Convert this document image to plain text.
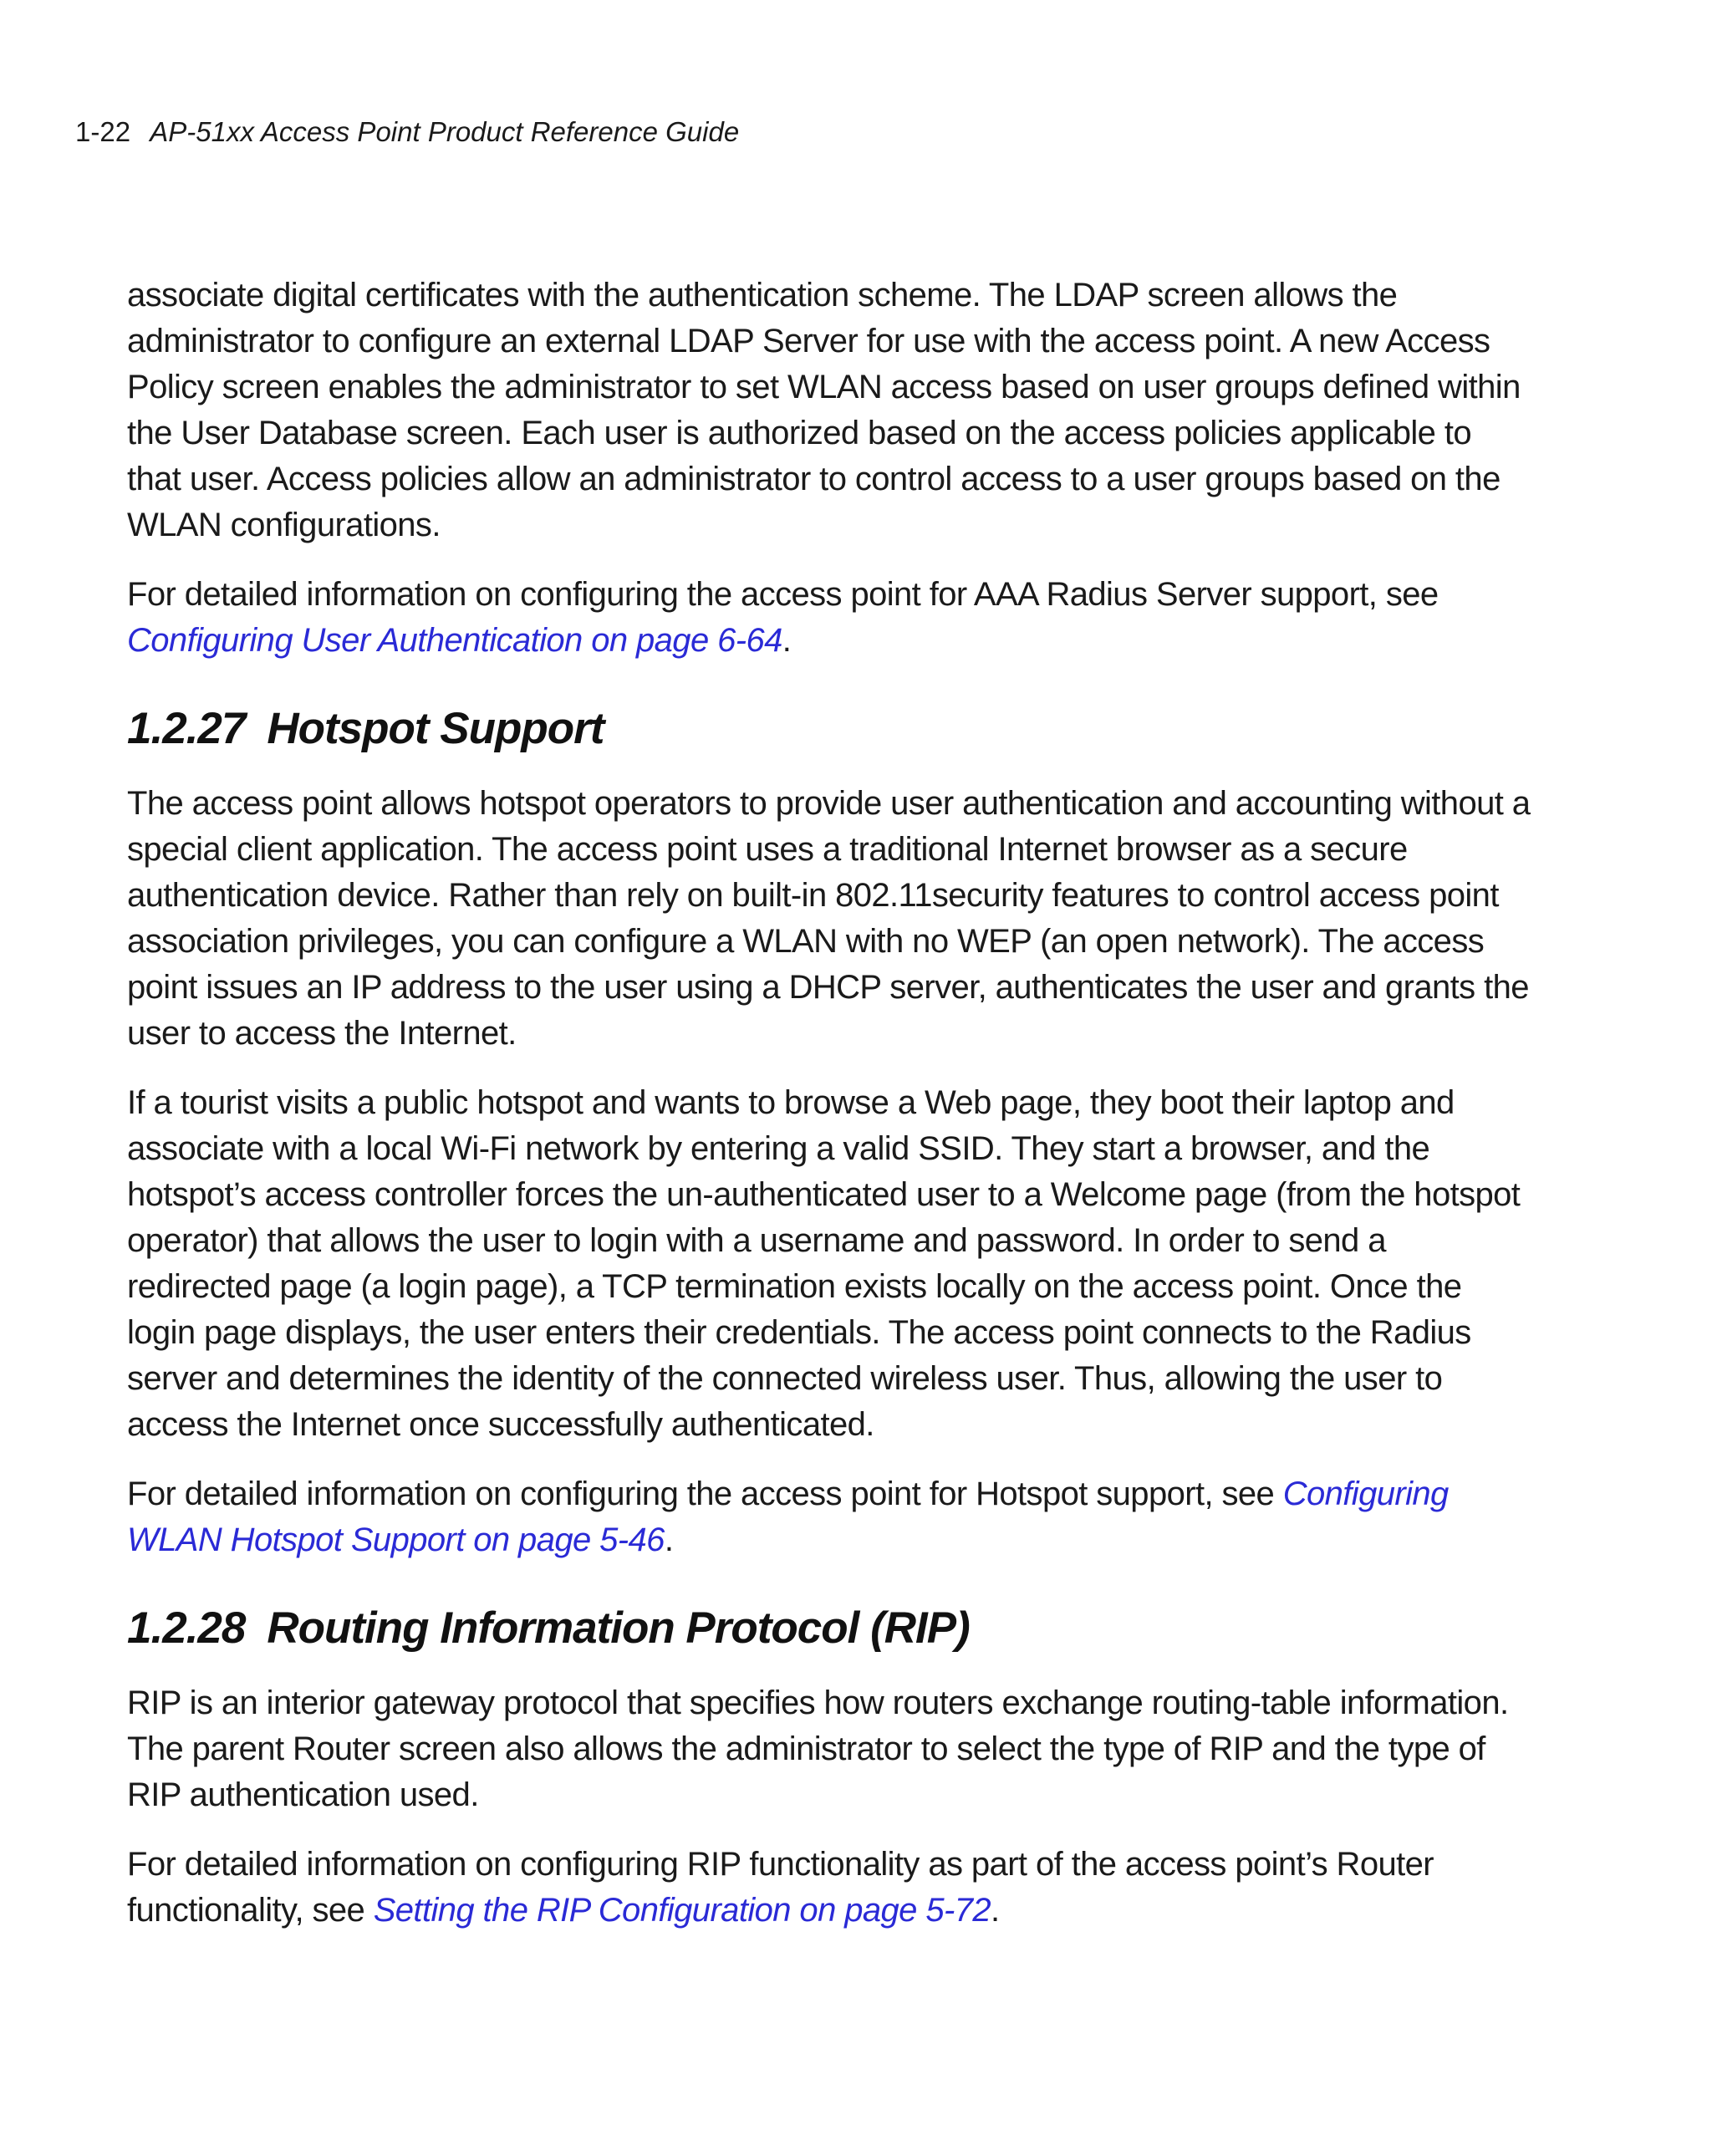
1-22 AP-51xx Access Point Product Reference Guide

associate digital certificates with the authentication scheme. The LDAP screen allows the administrator to configure an external LDAP Server for use with the access point. A new Access Policy screen enables the administrator to set WLAN access based on user groups defined within the User Database screen. Each user is authorized based on the access policies applicable to that user. Access policies allow an administrator to control access to a user groups based on the WLAN configurations.

For detailed information on configuring the access point for AAA Radius Server support, see Configuring User Authentication on page 6-64.

1.2.27 Hotspot Support

The access point allows hotspot operators to provide user authentication and accounting without a special client application. The access point uses a traditional Internet browser as a secure authentication device. Rather than rely on built-in 802.11security features to control access point association privileges, you can configure a WLAN with no WEP (an open network). The access point issues an IP address to the user using a DHCP server, authenticates the user and grants the user to access the Internet.

If a tourist visits a public hotspot and wants to browse a Web page, they boot their laptop and associate with a local Wi-Fi network by entering a valid SSID. They start a browser, and the hotspot’s access controller forces the un-authenticated user to a Welcome page (from the hotspot operator) that allows the user to login with a username and password. In order to send a redirected page (a login page), a TCP termination exists locally on the access point. Once the login page displays, the user enters their credentials. The access point connects to the Radius server and determines the identity of the connected wireless user. Thus, allowing the user to access the Internet once successfully authenticated.

For detailed information on configuring the access point for Hotspot support, see Configuring WLAN Hotspot Support on page 5-46.

1.2.28 Routing Information Protocol (RIP)

RIP is an interior gateway protocol that specifies how routers exchange routing-table information. The parent Router screen also allows the administrator to select the type of RIP and the type of RIP authentication used.

For detailed information on configuring RIP functionality as part of the access point’s Router functionality, see Setting the RIP Configuration on page 5-72.
